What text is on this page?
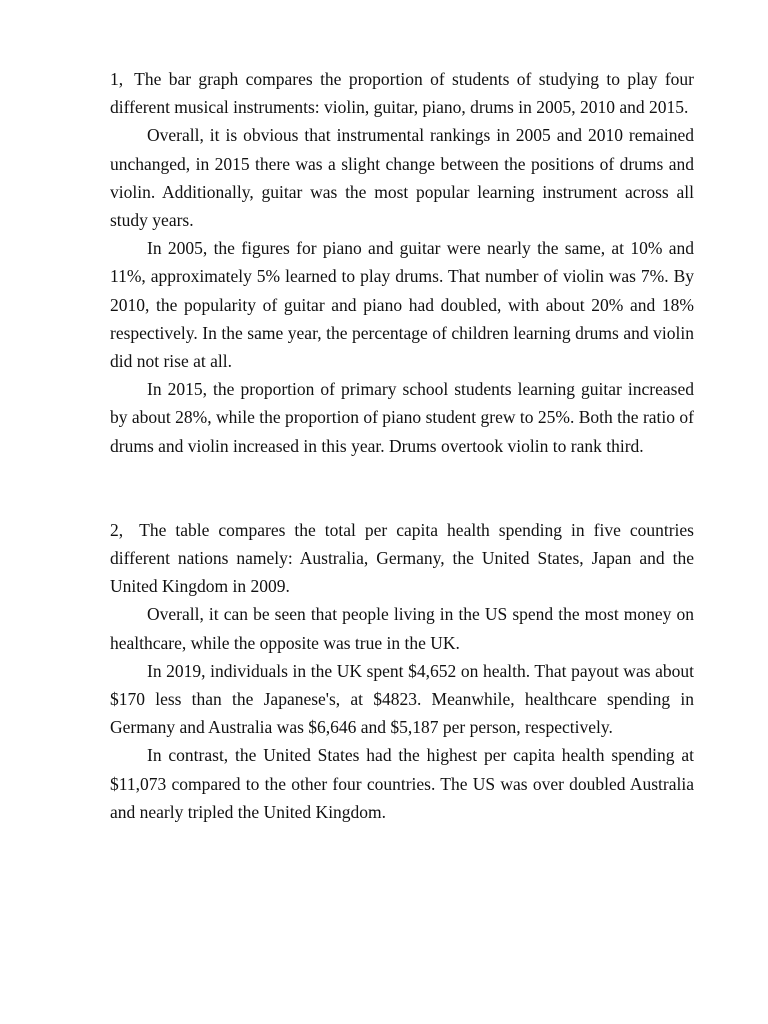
1, The bar graph compares the proportion of students of studying to play four different musical instruments: violin, guitar, piano, drums in 2005, 2010 and 2015.

Overall, it is obvious that instrumental rankings in 2005 and 2010 remained unchanged, in 2015 there was a slight change between the positions of drums and violin. Additionally, guitar was the most popular learning instrument across all study years.

In 2005, the figures for piano and guitar were nearly the same, at 10% and 11%, approximately 5% learned to play drums. That number of violin was 7%. By 2010, the popularity of guitar and piano had doubled, with about 20% and 18% respectively. In the same year, the percentage of children learning drums and violin did not rise at all.

In 2015, the proportion of primary school students learning guitar increased by about 28%, while the proportion of piano student grew to 25%. Both the ratio of drums and violin increased in this year. Drums overtook violin to rank third.

2, The table compares the total per capita health spending in five countries different nations namely: Australia, Germany, the United States, Japan and the United Kingdom in 2009.

Overall, it can be seen that people living in the US spend the most money on healthcare, while the opposite was true in the UK.

In 2019, individuals in the UK spent $4,652 on health. That payout was about $170 less than the Japanese's, at $4823. Meanwhile, healthcare spending in Germany and Australia was $6,646 and $5,187 per person, respectively.

In contrast, the United States had the highest per capita health spending at $11,073 compared to the other four countries. The US was over doubled Australia and nearly tripled the United Kingdom.
